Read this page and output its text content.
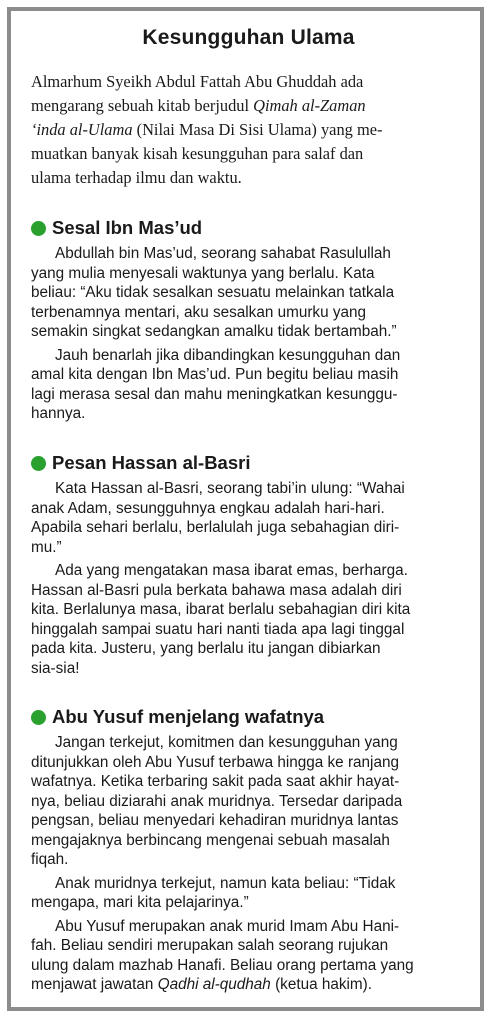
Kesungguhan Ulama

Almarhum Syeikh Abdul Fattah Abu Ghuddah ada
mengarang sebuah kitab berjudul Qimah al-Zaman
‘inda al-Ulama (Nilai Masa Di Sisi Ulama) yang me-
muatkan banyak kisah kesungguhan para salaf dan
ulama terhadap ilmu dan waktu.

Sesal Ibn Mas’ud

Abdullah bin Mas’ud, seorang sahabat Rasulullah
yang mulia menyesali waktunya yang berlalu. Kata
beliau: “Aku tidak sesalkan sesuatu melainkan tatkala
terbenamnya mentari, aku sesalkan umurku yang
semakin singkat sedangkan amalku tidak bertambah.”

Jauh benarlah jika dibandingkan kesungguhan dan
amal kita dengan Ibn Mas’ud. Pun begitu beliau masih
lagi merasa sesal dan mahu meningkatkan kesunggu-
hannya.

Pesan Hassan al-Basri

Kata Hassan al-Basri, seorang tabi’in ulung: “Wahai
anak Adam, sesungguhnya engkau adalah hari-hari.
Apabila sehari berlalu, berlalulah juga sebahagian diri-
mu.”

Ada yang mengatakan masa ibarat emas, berharga.
Hassan al-Basri pula berkata bahawa masa adalah diri
kita. Berlalunya masa, ibarat berlalu sebahagian diri kita
hinggalah sampai suatu hari nanti tiada apa lagi tinggal
pada kita. Justeru, yang berlalu itu jangan dibiarkan
sia-sia!

Abu Yusuf menjelang wafatnya

Jangan terkejut, komitmen dan kesungguhan yang
ditunjukkan oleh Abu Yusuf terbawa hingga ke ranjang
wafatnya. Ketika terbaring sakit pada saat akhir hayat-
nya, beliau diziarahi anak muridnya. Tersedar daripada
pengsan, beliau menyedari kehadiran muridnya lantas
mengajaknya berbincang mengenai sebuah masalah
fiqah.

Anak muridnya terkejut, namun kata beliau: “Tidak
mengapa, mari kita pelajarinya.”

Abu Yusuf merupakan anak murid Imam Abu Hani-
fah. Beliau sendiri merupakan salah seorang rujukan
ulung dalam mazhab Hanafi. Beliau orang pertama yang
menjawat jawatan Qadhi al-qudhah (ketua hakim).
